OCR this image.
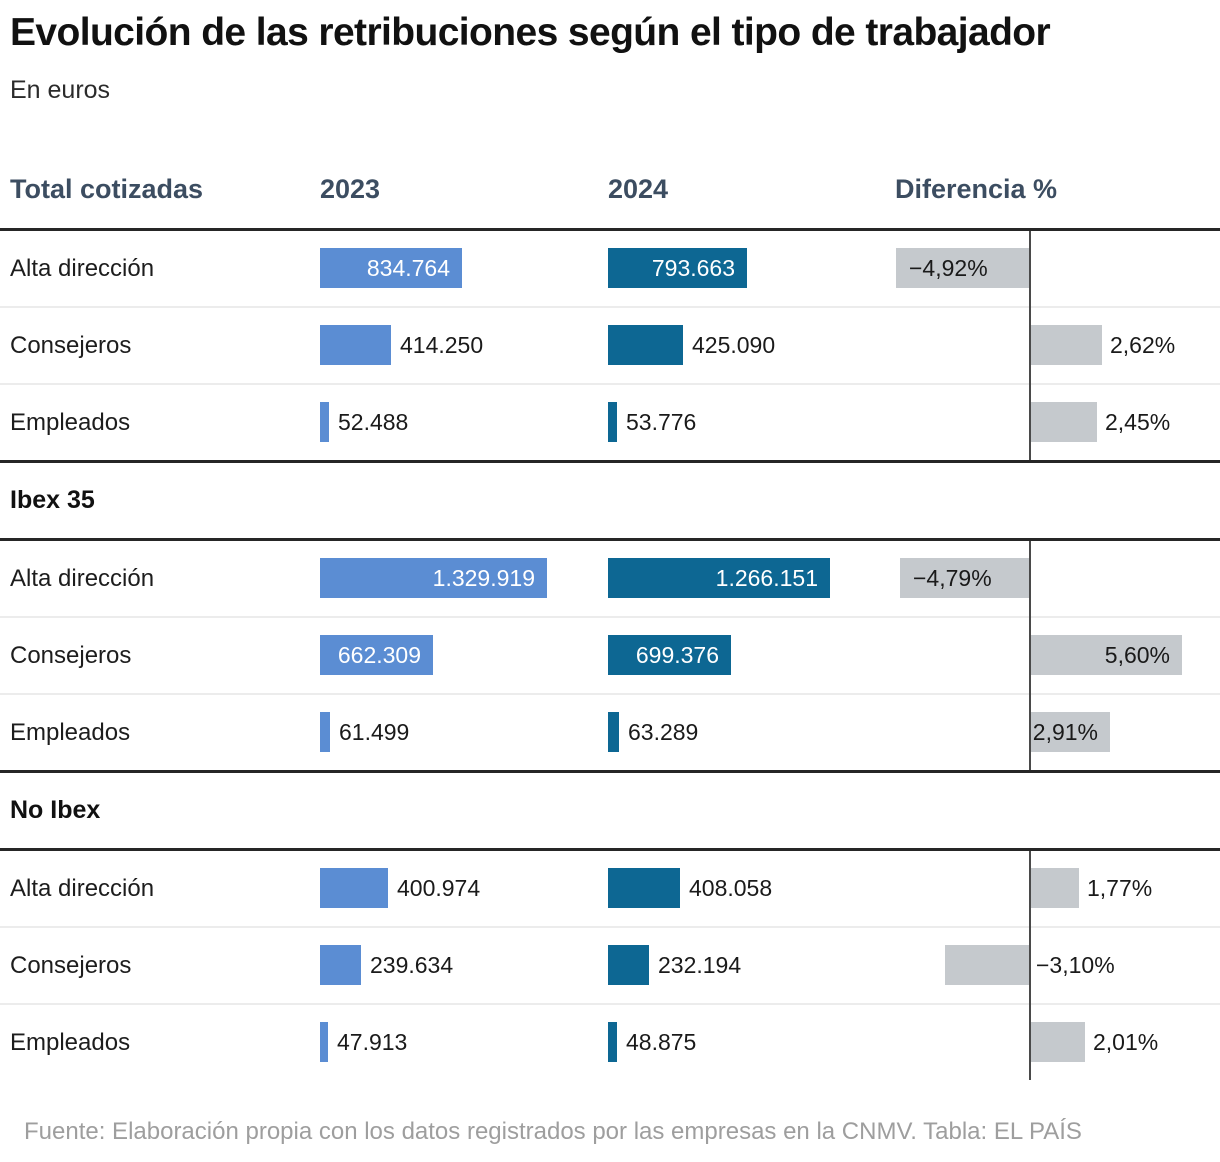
Evolución de las retribuciones según el tipo de trabajador
En euros
Total cotizadas	2023	2024	Diferencia %
Alta dirección	834.764	793.663	−4,92%
Consejeros	414.250	425.090	2,62%
Empleados	52.488	53.776	2,45%
Ibex 35
Alta dirección	1.329.919	1.266.151	−4,79%
Consejeros	662.309	699.376	5,60%
Empleados	61.499	63.289	2,91%
No Ibex
Alta dirección	400.974	408.058	1,77%
Consejeros	239.634	232.194	−3,10%
Empleados	47.913	48.875	2,01%
Fuente: Elaboración propia con los datos registrados por las empresas en la CNMV. Tabla: EL PAÍS
